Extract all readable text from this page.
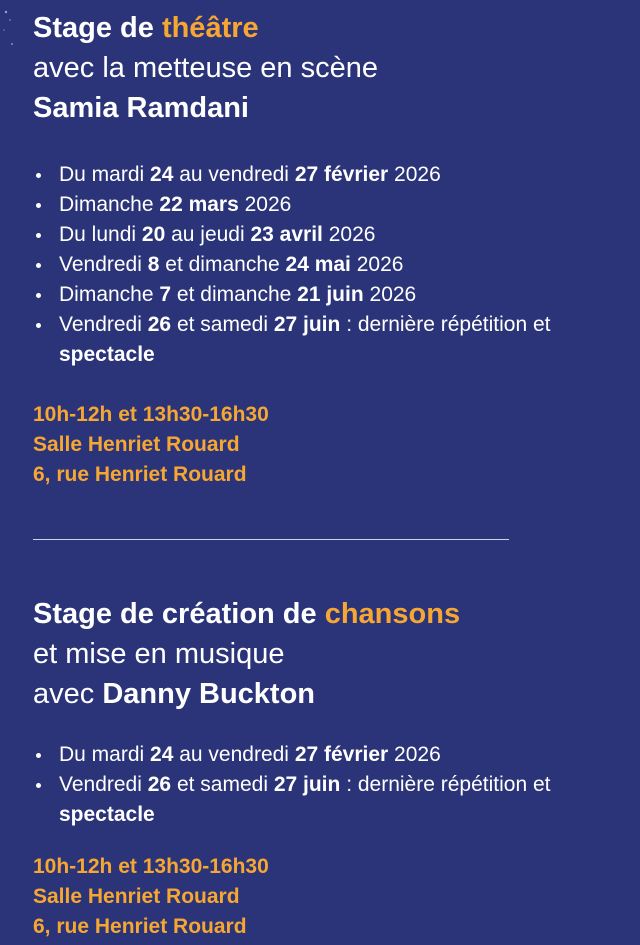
Stage de théâtre

avec la metteuse en scène

Samia Ramdani

Du mardi 24 au vendredi 27 février 2026
Dimanche 22 mars 2026
Du lundi 20 au jeudi 23 avril 2026
Vendredi 8 et dimanche 24 mai 2026
Dimanche 7 et dimanche 21 juin 2026
Vendredi 26 et samedi 27 juin : dernière répétition et spectacle
10h-12h et 13h30-16h30
Salle Henriet Rouard
6, rue Henriet Rouard

Stage de création de chansons

et mise en musique

avec Danny Buckton

Du mardi 24 au vendredi 27 février 2026
Vendredi 26 et samedi 27 juin : dernière répétition et spectacle
10h-12h et 13h30-16h30
Salle Henriet Rouard
6, rue Henriet Rouard
